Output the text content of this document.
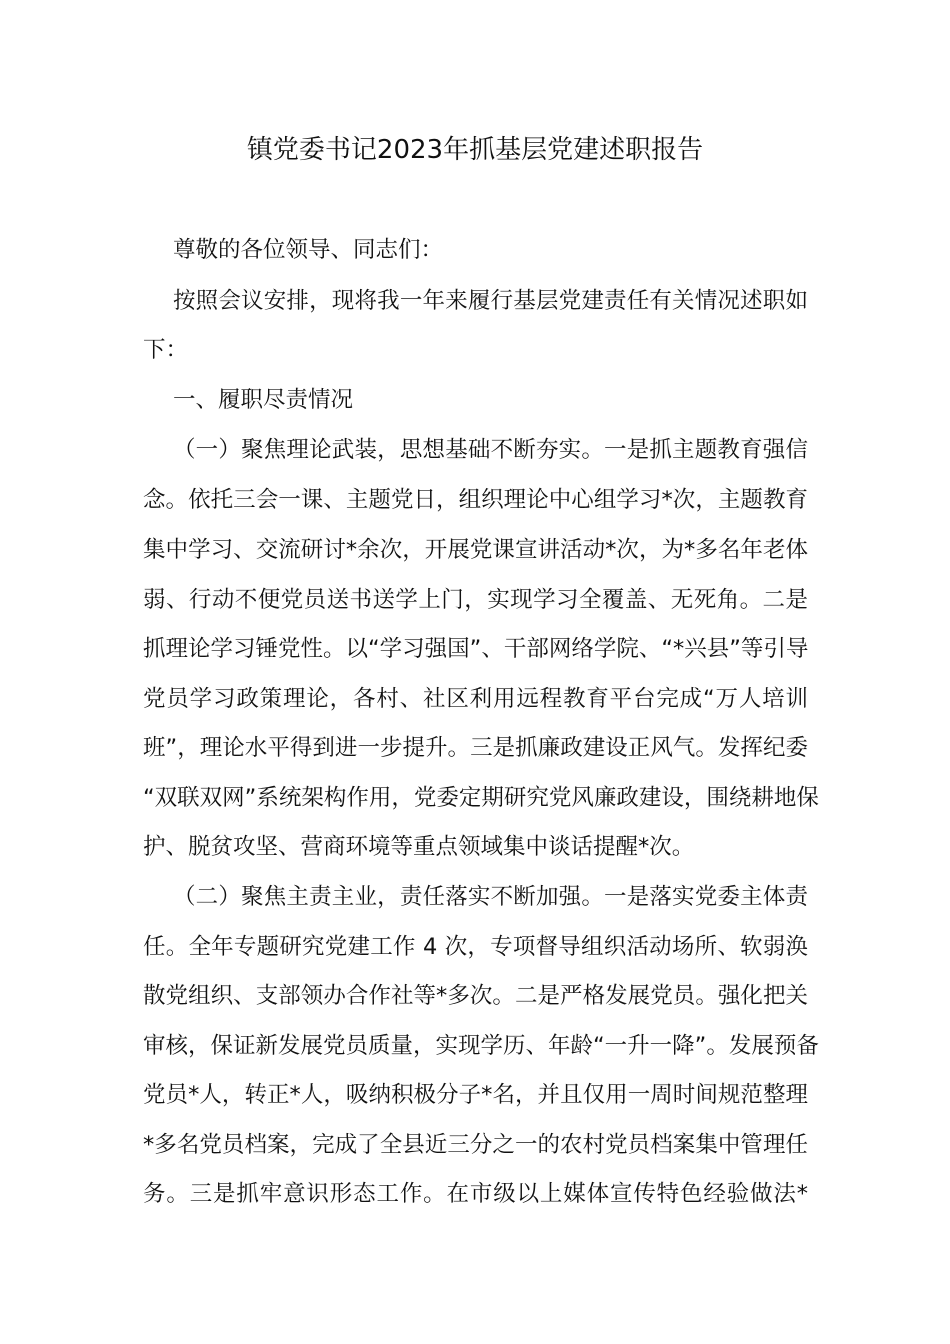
镇党委书记2023年抓基层党建述职报告
尊敬的各位领导、同志们：
按照会议安排，现将我一年来履行基层党建责任有关情况述职如
下：
一、履职尽责情况
（一）聚焦理论武装，思想基础不断夯实。一是抓主题教育强信
念。依托三会一课、主题党日，组织理论中心组学习*次，主题教育
集中学习、交流研讨*余次，开展党课宣讲活动*次，为*多名年老体
弱、行动不便党员送书送学上门，实现学习全覆盖、无死角。二是
抓理论学习锤党性。以“学习强国”、干部网络学院、“*兴县”等引导
党员学习政策理论，各村、社区利用远程教育平台完成“万人培训
班”，理论水平得到进一步提升。三是抓廉政建设正风气。发挥纪委
“双联双网”系统架构作用，党委定期研究党风廉政建设，围绕耕地保
护、脱贫攻坚、营商环境等重点领域集中谈话提醒*次。
（二）聚焦主责主业，责任落实不断加强。一是落实党委主体责
任。全年专题研究党建工作 4 次，专项督导组织活动场所、软弱涣
散党组织、支部领办合作社等*多次。二是严格发展党员。强化把关
审核，保证新发展党员质量，实现学历、年龄“一升一降”。发展预备
党员*人，转正*人，吸纳积极分子*名，并且仅用一周时间规范整理
*多名党员档案，完成了全县近三分之一的农村党员档案集中管理任
务。三是抓牢意识形态工作。在市级以上媒体宣传特色经验做法*
